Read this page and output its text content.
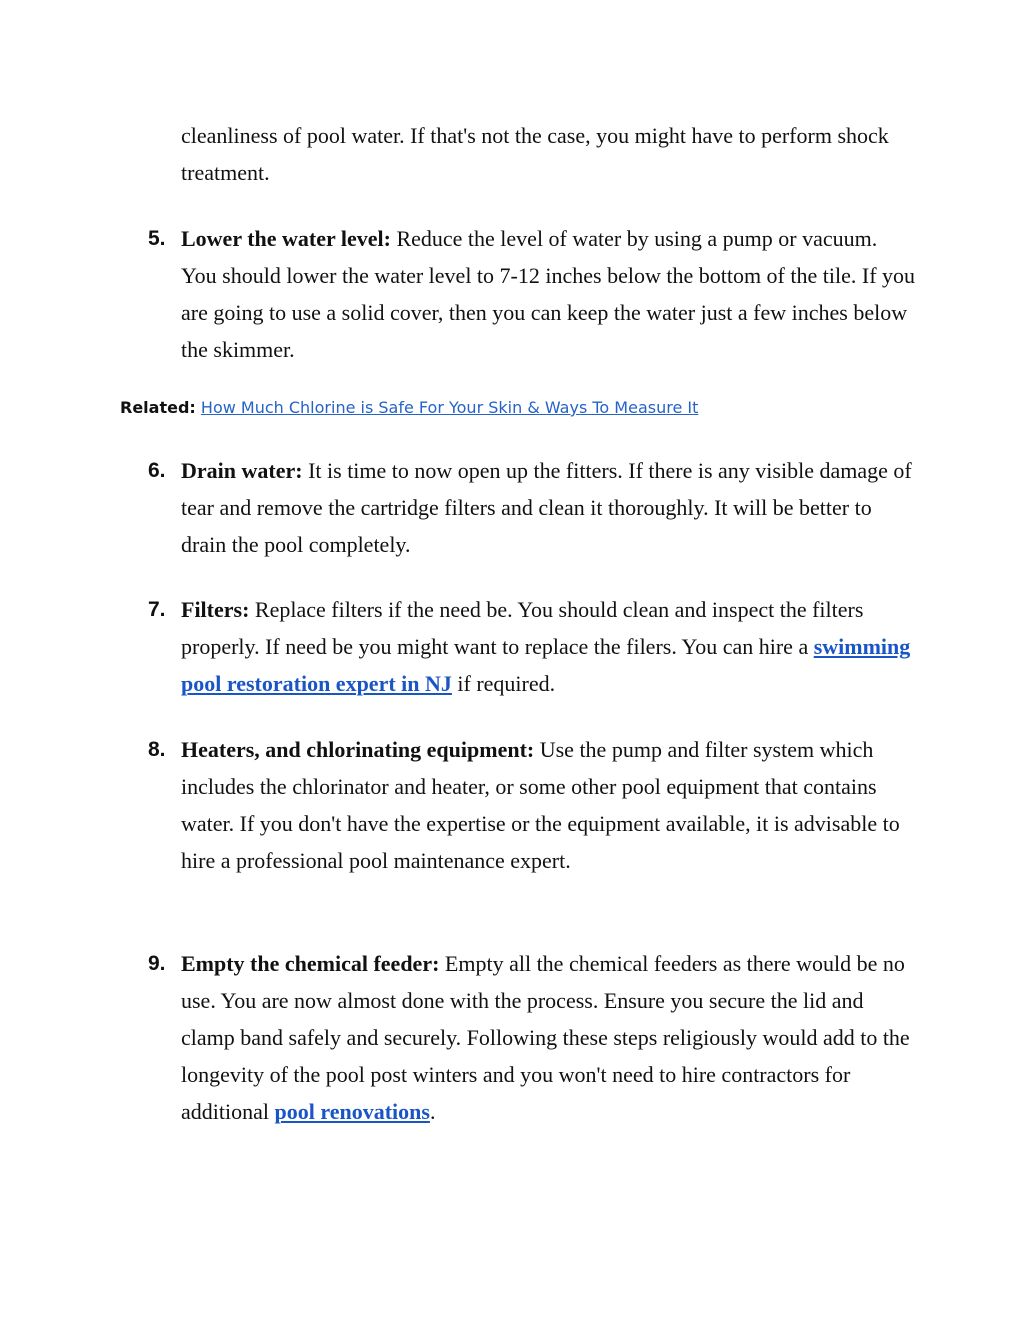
cleanliness of pool water. If that's not the case, you might have to perform shock treatment.

5. Lower the water level: Reduce the level of water by using a pump or vacuum. You should lower the water level to 7-12 inches below the bottom of the tile. If you are going to use a solid cover, then you can keep the water just a few inches below the skimmer.
Related: How Much Chlorine is Safe For Your Skin & Ways To Measure It
6. Drain water: It is time to now open up the fitters. If there is any visible damage of tear and remove the cartridge filters and clean it thoroughly. It will be better to drain the pool completely.
7. Filters: Replace filters if the need be. You should clean and inspect the filters properly. If need be you might want to replace the filers. You can hire a swimming pool restoration expert in NJ if required.
8. Heaters, and chlorinating equipment: Use the pump and filter system which includes the chlorinator and heater, or some other pool equipment that contains water. If you don't have the expertise or the equipment available, it is advisable to hire a professional pool maintenance expert.
9. Empty the chemical feeder: Empty all the chemical feeders as there would be no use. You are now almost done with the process. Ensure you secure the lid and clamp band safely and securely. Following these steps religiously would add to the longevity of the pool post winters and you won't need to hire contractors for additional pool renovations.
